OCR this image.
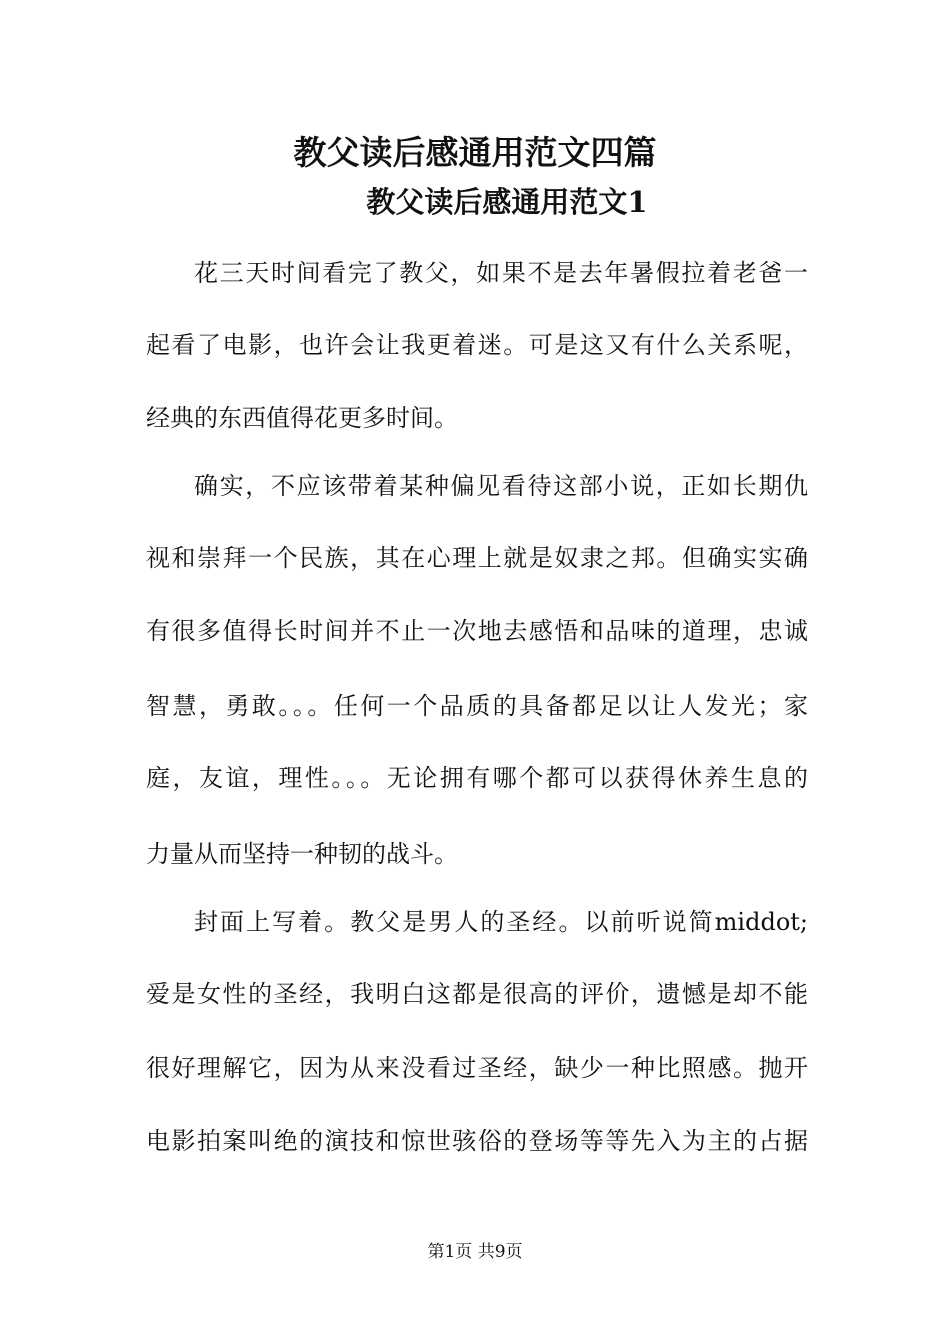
教父读后感通用范文四篇
教父读后感通用范文1

花三天时间看完了教父，如果不是去年暑假拉着老爸一

起看了电影，也许会让我更着迷。可是这又有什么关系呢，

经典的东西值得花更多时间。

确实，不应该带着某种偏见看待这部小说，正如长期仇

视和崇拜一个民族，其在心理上就是奴隶之邦。但确实实确

有很多值得长时间并不止一次地去感悟和品味的道理，忠诚

智慧，勇敢。。。任何一个品质的具备都足以让人发光；家

庭，友谊，理性。。。无论拥有哪个都可以获得休养生息的

力量从而坚持一种韧的战斗。

封面上写着。教父是男人的圣经。以前听说简middot;

爱是女性的圣经，我明白这都是很高的评价，遗憾是却不能

很好理解它，因为从来没看过圣经，缺少一种比照感。抛开

电影拍案叫绝的演技和惊世骇俗的登场等等先入为主的占据

第1页 共9页
